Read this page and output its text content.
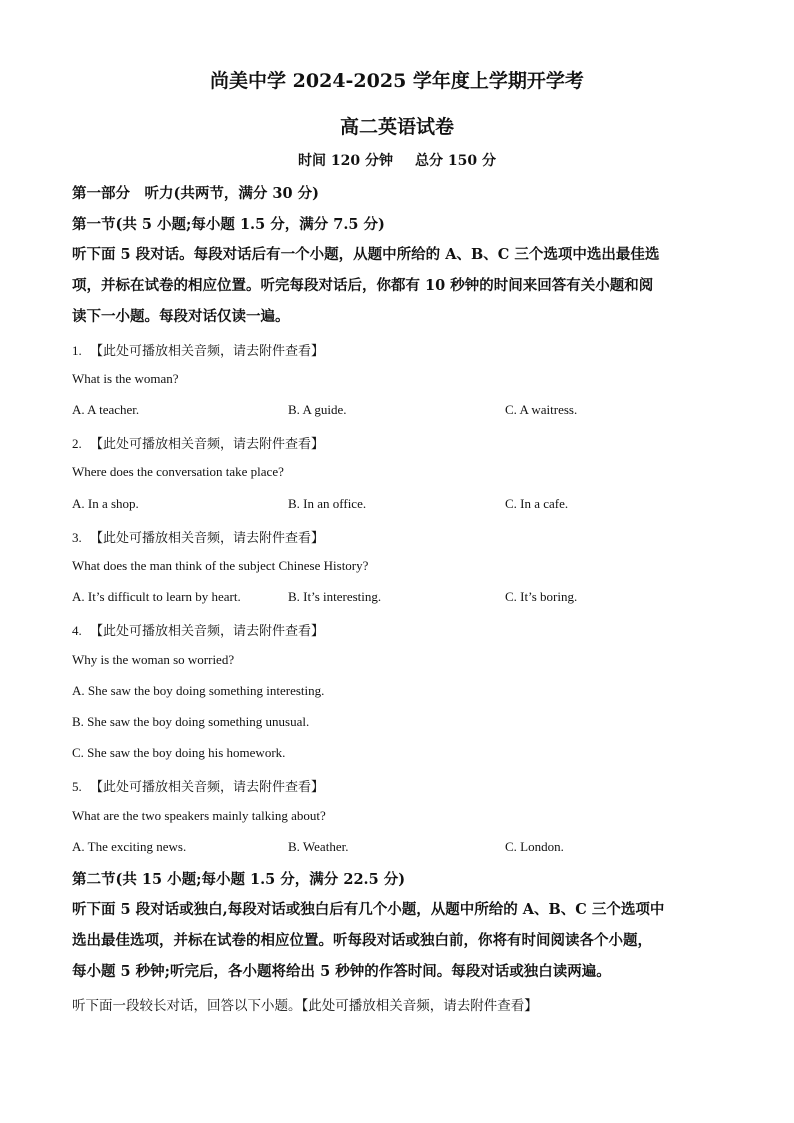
尚美中学 2024-2025 学年度上学期开学考
高二英语试卷
时间 120 分钟 总分 150 分
第一部分　听力(共两节，满分 30 分)
第一节(共 5 小题;每小题 1.5 分，满分 7.5 分)
听下面 5 段对话。每段对话后有一个小题，从题中所给的 A、B、C 三个选项中选出最佳选
项，并标在试卷的相应位置。听完每段对话后，你都有 10 秒钟的时间来回答有关小题和阅
读下一小题。每段对话仅读一遍。
1. 【此处可播放相关音频，请去附件查看】
What is the woman?
A. A teacher.	B. A guide.	C. A waitress.
2. 【此处可播放相关音频，请去附件查看】
Where does the conversation take place?
A. In a shop.	B. In an office.	C. In a cafe.
3. 【此处可播放相关音频，请去附件查看】
What does the man think of the subject Chinese History?
A. It’s difficult to learn by heart.	B. It’s interesting.	C. It’s boring.
4. 【此处可播放相关音频，请去附件查看】
Why is the woman so worried?
A. She saw the boy doing something interesting.
B. She saw the boy doing something unusual.
C. She saw the boy doing his homework.
5. 【此处可播放相关音频，请去附件查看】
What are the two speakers mainly talking about?
A. The exciting news.	B. Weather.	C. London.
第二节(共 15 小题;每小题 1.5 分，满分 22.5 分)
听下面 5 段对话或独白,每段对话或独白后有几个小题，从题中所给的 A、B、C 三个选项中
选出最佳选项，并标在试卷的相应位置。听每段对话或独白前，你将有时间阅读各个小题，
每小题 5 秒钟;听完后，各小题将给出 5 秒钟的作答时间。每段对话或独白读两遍。
听下面一段较长对话，回答以下小题。【此处可播放相关音频，请去附件查看】
